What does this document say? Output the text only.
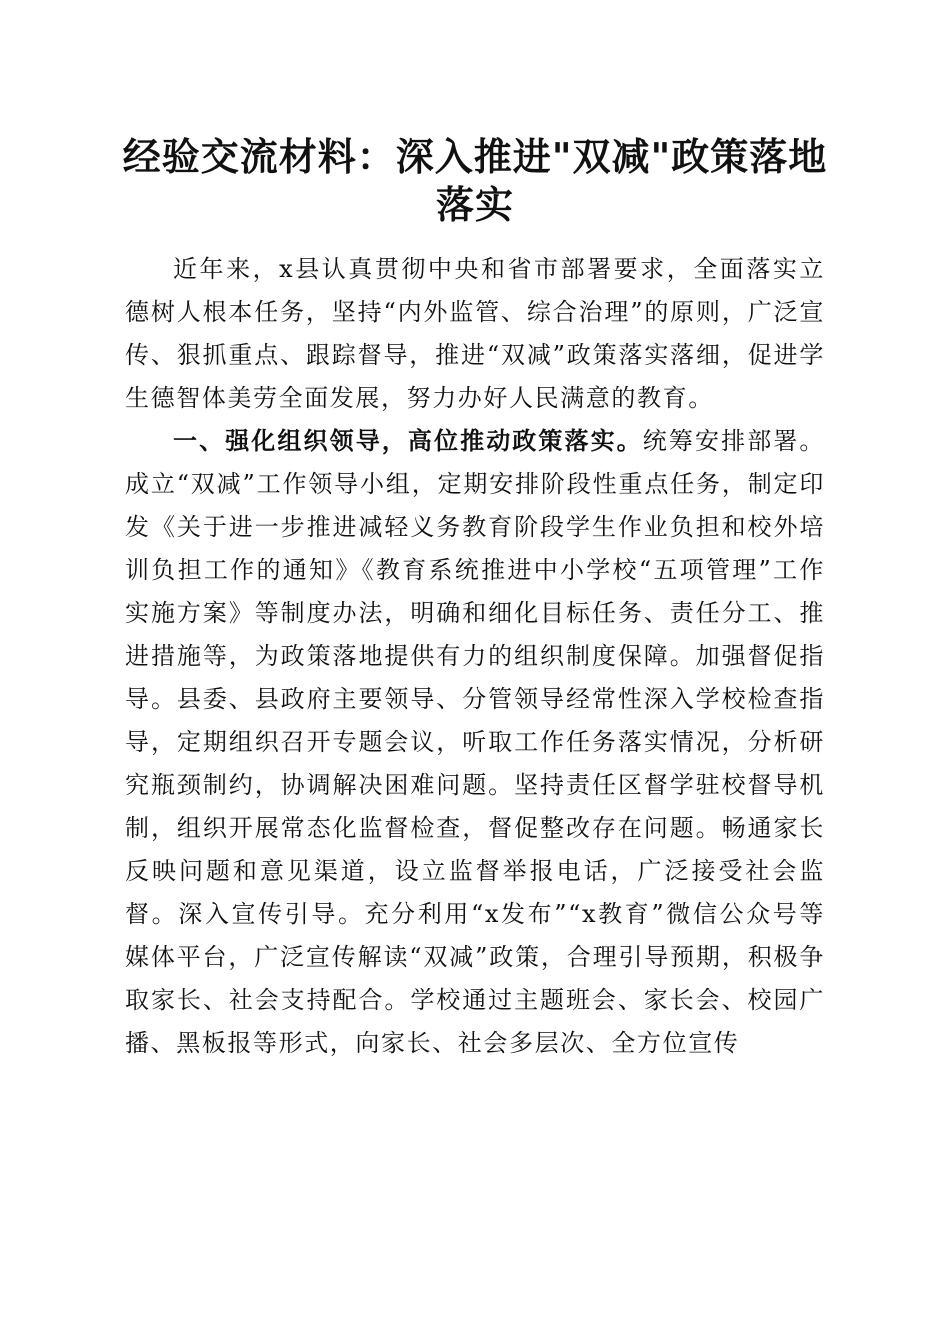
经验交流材料：深入推进"双减"政策落地落实

近年来，x县认真贯彻中央和省市部署要求，全面落实立德树人根本任务，坚持“内外监管、综合治理”的原则，广泛宣传、狠抓重点、跟踪督导，推进“双减”政策落实落细，促进学生德智体美劳全面发展，努力办好人民满意的教育。

一、强化组织领导，高位推动政策落实。统筹安排部署。成立“双减”工作领导小组，定期安排阶段性重点任务，制定印发《关于进一步推进减轻义务教育阶段学生作业负担和校外培训负担工作的通知》《教育系统推进中小学校“五项管理”工作实施方案》等制度办法，明确和细化目标任务、责任分工、推进措施等，为政策落地提供有力的组织制度保障。加强督促指导。县委、县政府主要领导、分管领导经常性深入学校检查指导，定期组织召开专题会议，听取工作任务落实情况，分析研究瓶颈制约，协调解决困难问题。坚持责任区督学驻校督导机制，组织开展常态化监督检查，督促整改存在问题。畅通家长反映问题和意见渠道，设立监督举报电话，广泛接受社会监督。深入宣传引导。充分利用“x发布”“x教育”微信公众号等媒体平台，广泛宣传解读“双减”政策，合理引导预期，积极争取家长、社会支持配合。学校通过主题班会、家长会、校园广播、黑板报等形式，向家长、社会多层次、全方位宣传
